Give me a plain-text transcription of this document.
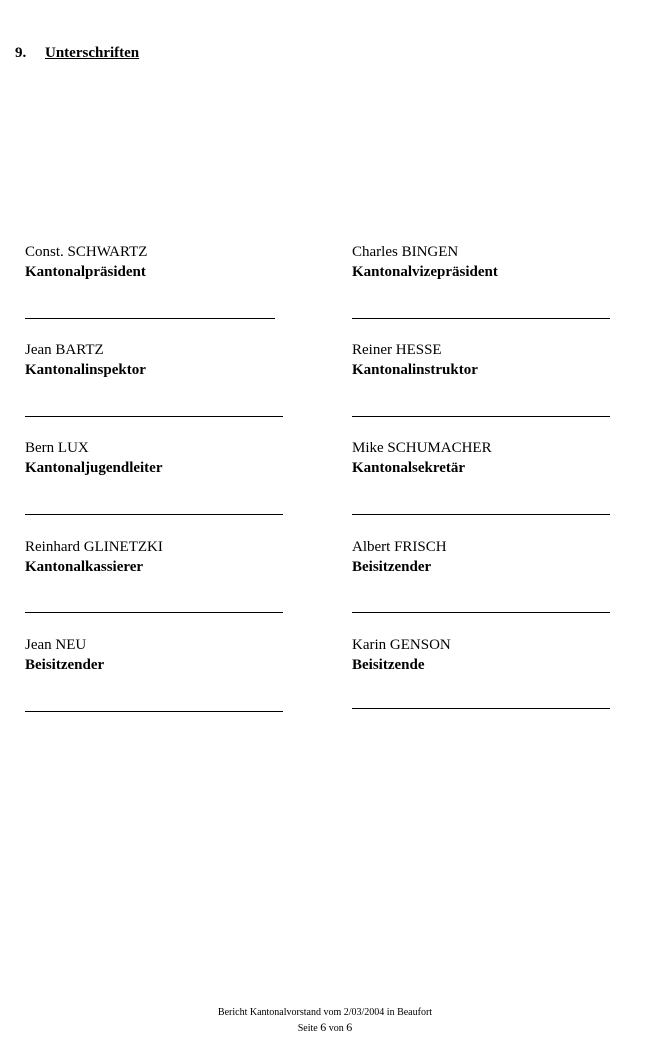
9. Unterschriften
Const. SCHWARTZ
Kantonalpräsident
Charles BINGEN
Kantonalvizepräsident
Jean BARTZ
Kantonalinspektor
Reiner HESSE
Kantonalinstruktor
Bern LUX
Kantonaljugendleiter
Mike SCHUMACHER
Kantonalsekretär
Reinhard GLINETZKI
Kantonalkassierer
Albert FRISCH
Beisitzender
Jean NEU
Beisitzender
Karin GENSON
Beisitzende
Bericht Kantonalvorstand vom 2/03/2004 in Beaufort
Seite 6 von 6
